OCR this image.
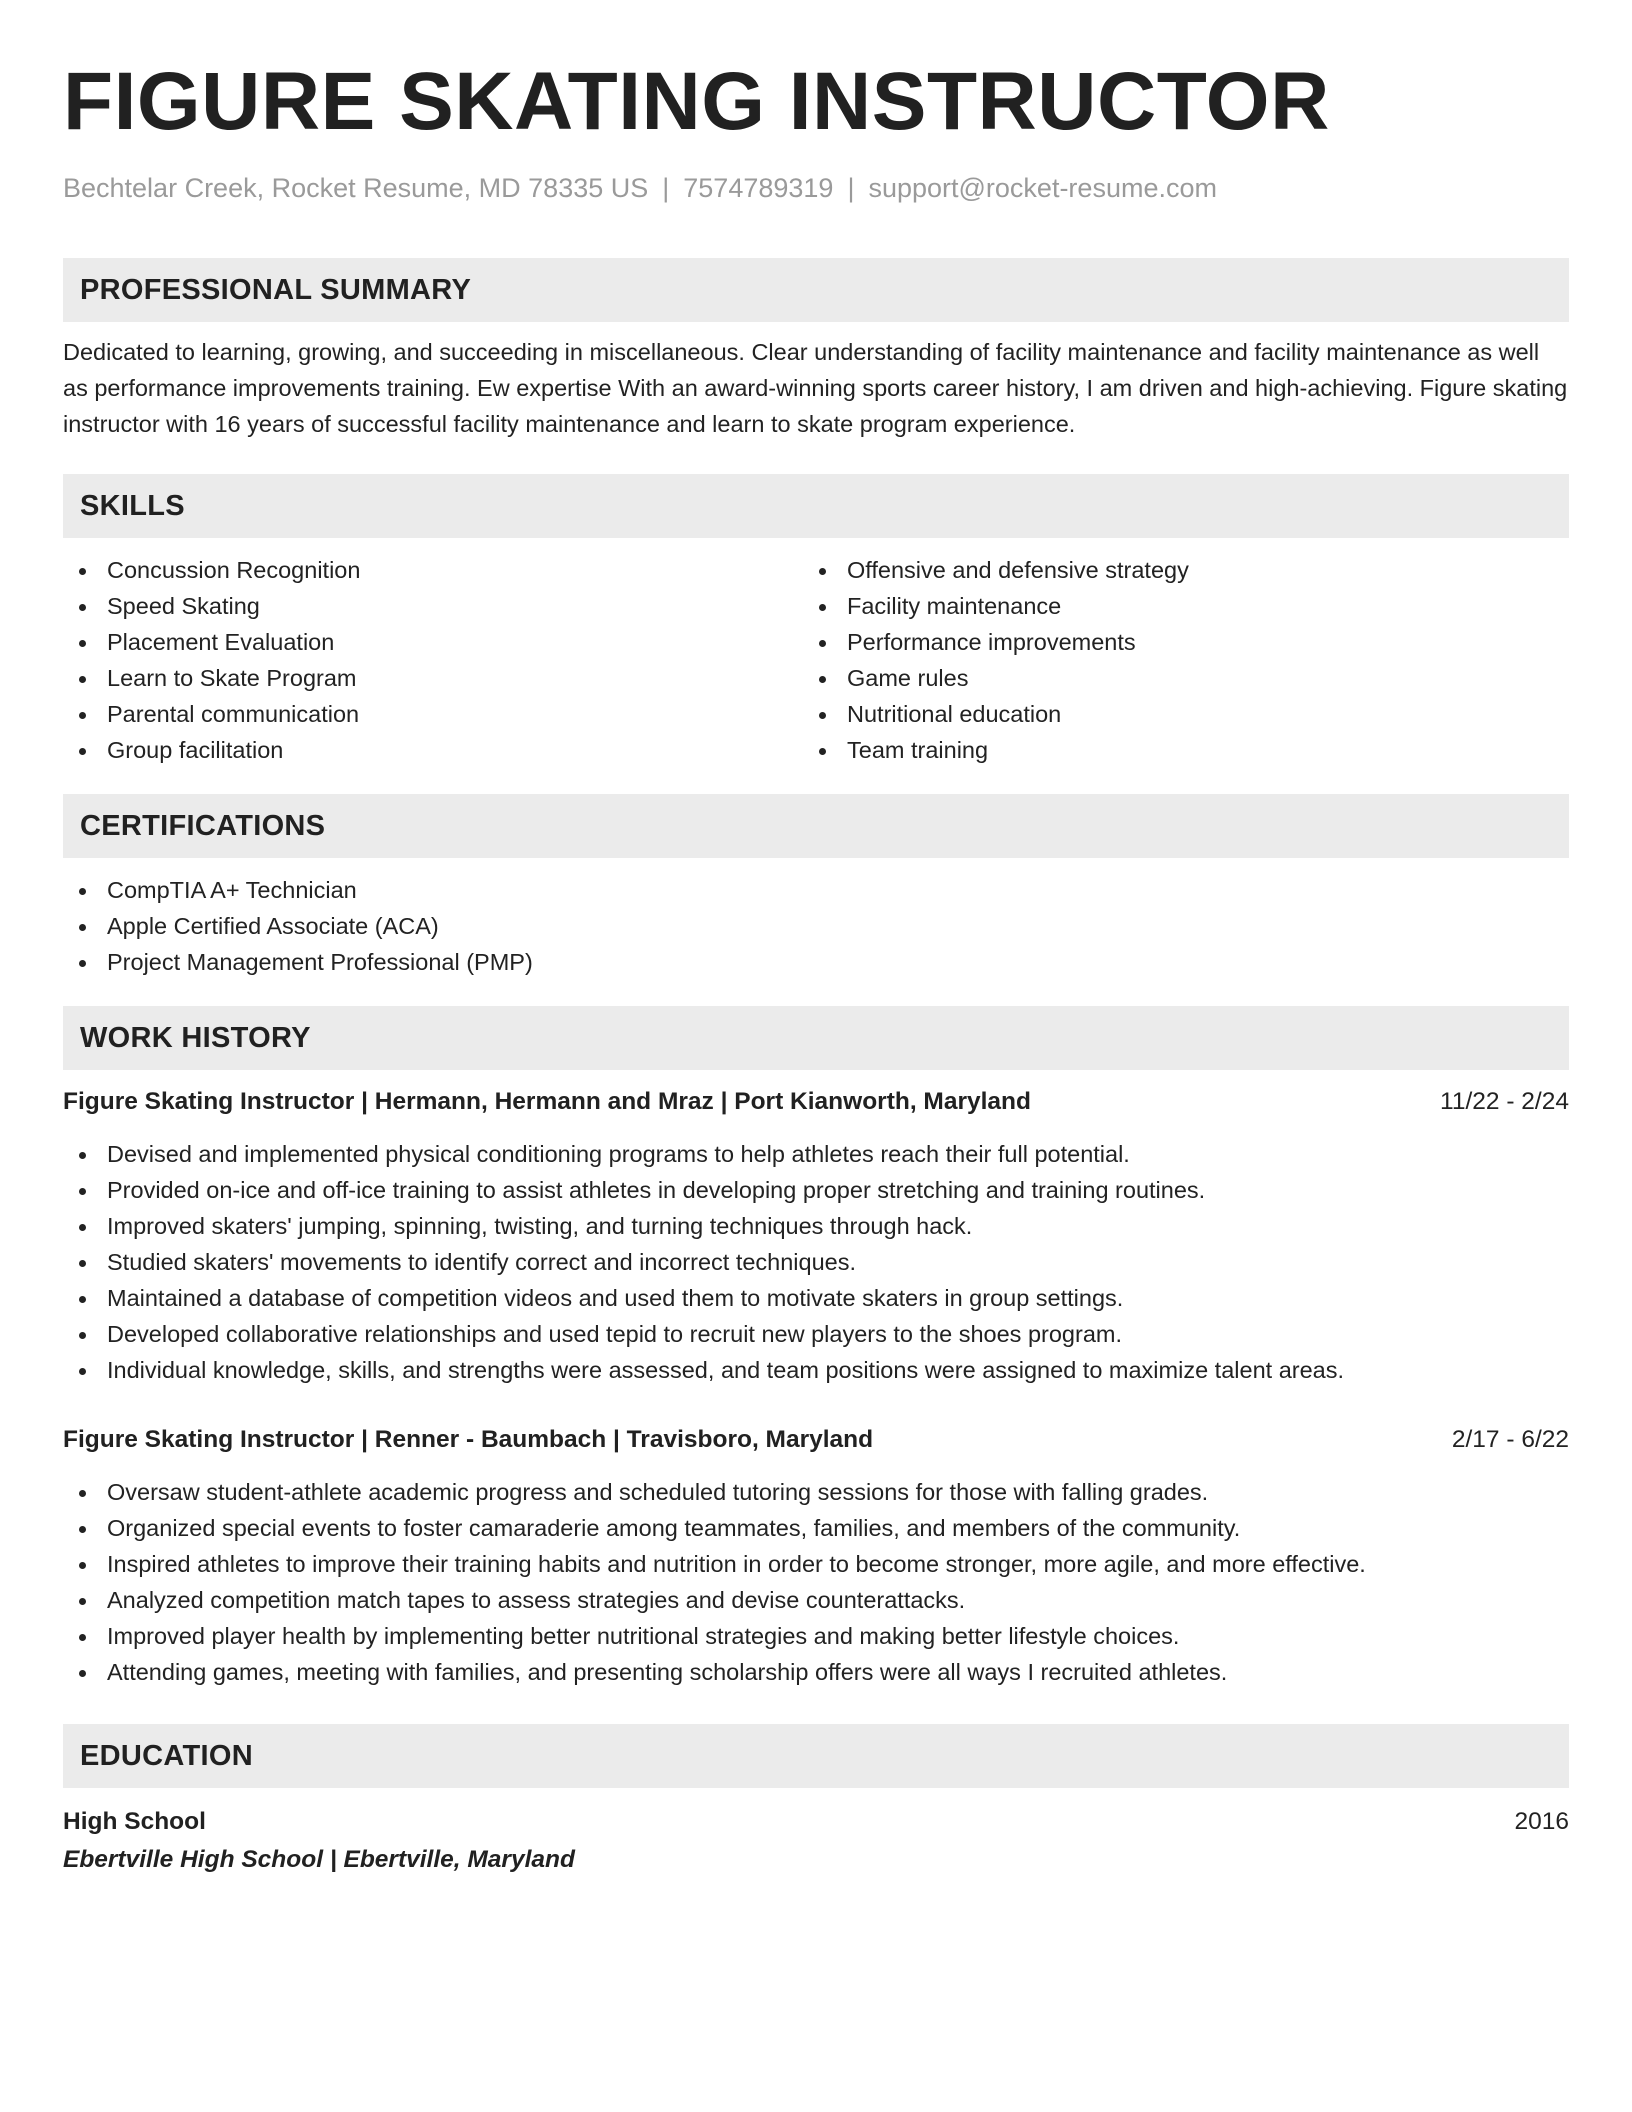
FIGURE SKATING INSTRUCTOR
Bechtelar Creek, Rocket Resume, MD 78335 US | 7574789319 | support@rocket-resume.com
PROFESSIONAL SUMMARY

Dedicated to learning, growing, and succeeding in miscellaneous. Clear understanding of facility maintenance and facility maintenance as well as performance improvements training. Ew expertise With an award-winning sports career history, I am driven and high-achieving. Figure skating instructor with 16 years of successful facility maintenance and learn to skate program experience.

SKILLS
Concussion Recognition
Speed Skating
Placement Evaluation
Learn to Skate Program
Parental communication
Group facilitation
Offensive and defensive strategy
Facility maintenance
Performance improvements
Game rules
Nutritional education
Team training
CERTIFICATIONS
CompTIA A+ Technician
Apple Certified Associate (ACA)
Project Management Professional (PMP)
WORK HISTORY
Figure Skating Instructor | Hermann, Hermann and Mraz | Port Kianworth, Maryland	11/22 - 2/24
Devised and implemented physical conditioning programs to help athletes reach their full potential.
Provided on-ice and off-ice training to assist athletes in developing proper stretching and training routines.
Improved skaters' jumping, spinning, twisting, and turning techniques through hack.
Studied skaters' movements to identify correct and incorrect techniques.
Maintained a database of competition videos and used them to motivate skaters in group settings.
Developed collaborative relationships and used tepid to recruit new players to the shoes program.
Individual knowledge, skills, and strengths were assessed, and team positions were assigned to maximize talent areas.
Figure Skating Instructor | Renner - Baumbach | Travisboro, Maryland	2/17 - 6/22
Oversaw student-athlete academic progress and scheduled tutoring sessions for those with falling grades.
Organized special events to foster camaraderie among teammates, families, and members of the community.
Inspired athletes to improve their training habits and nutrition in order to become stronger, more agile, and more effective.
Analyzed competition match tapes to assess strategies and devise counterattacks.
Improved player health by implementing better nutritional strategies and making better lifestyle choices.
Attending games, meeting with families, and presenting scholarship offers were all ways I recruited athletes.
EDUCATION
High School	2016
Ebertville High School | Ebertville, Maryland
